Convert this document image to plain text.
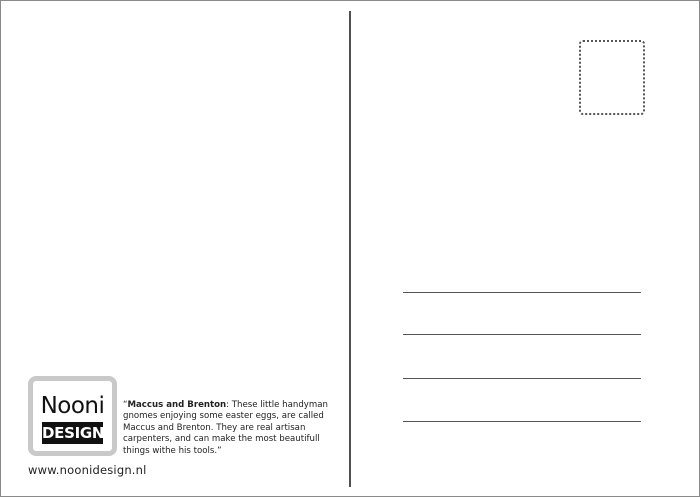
Nooni
DESIGN
“Maccus and Brenton: These little handyman gnomes enjoying some easter eggs, are called Maccus and Brenton. They are real artisan carpenters, and can make the most beautifull things withe his tools.”
www.noonidesign.nl
